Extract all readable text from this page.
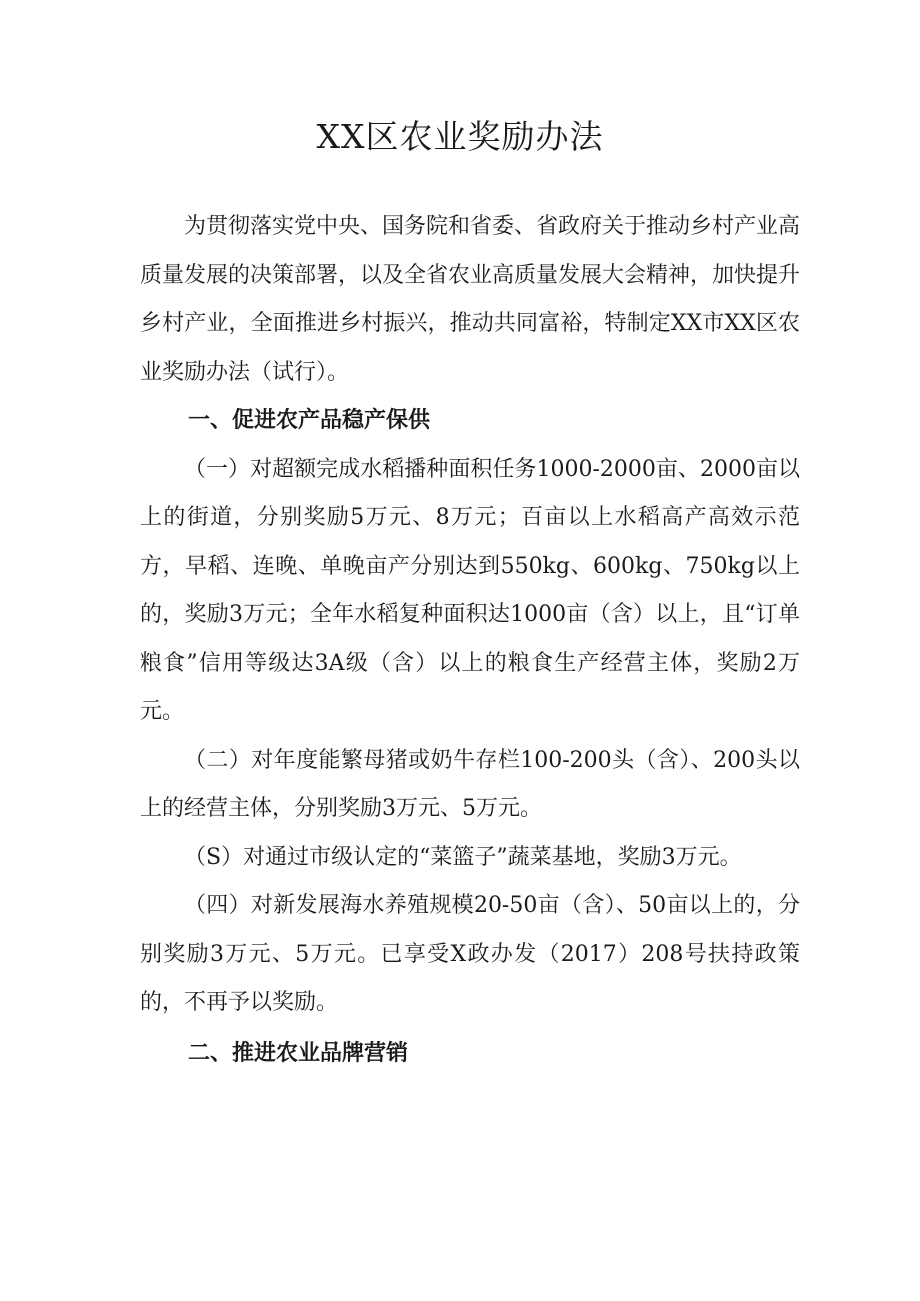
XX区农业奖励办法

为贯彻落实党中央、国务院和省委、省政府关于推动乡村产业高质量发展的决策部署，以及全省农业高质量发展大会精神，加快提升乡村产业，全面推进乡村振兴，推动共同富裕，特制定XX市XX区农业奖励办法（试行）。

一、促进农产品稳产保供

（一）对超额完成水稻播种面积任务1000-2000亩、2000亩以上的街道，分别奖励5万元、8万元；百亩以上水稻高产高效示范方，早稻、连晚、单晚亩产分别达到550kg、600kg、750kg以上的，奖励3万元；全年水稻复种面积达1000亩（含）以上，且“订单粮食”信用等级达3A级（含）以上的粮食生产经营主体，奖励2万元。

（二）对年度能繁母猪或奶牛存栏100-200头（含）、200头以上的经营主体，分别奖励3万元、5万元。

（S）对通过市级认定的“菜篮子”蔬菜基地，奖励3万元。

（四）对新发展海水养殖规模20-50亩（含）、50亩以上的，分别奖励3万元、5万元。已享受X政办发（2017）208号扶持政策的，不再予以奖励。

二、推进农业品牌营销
